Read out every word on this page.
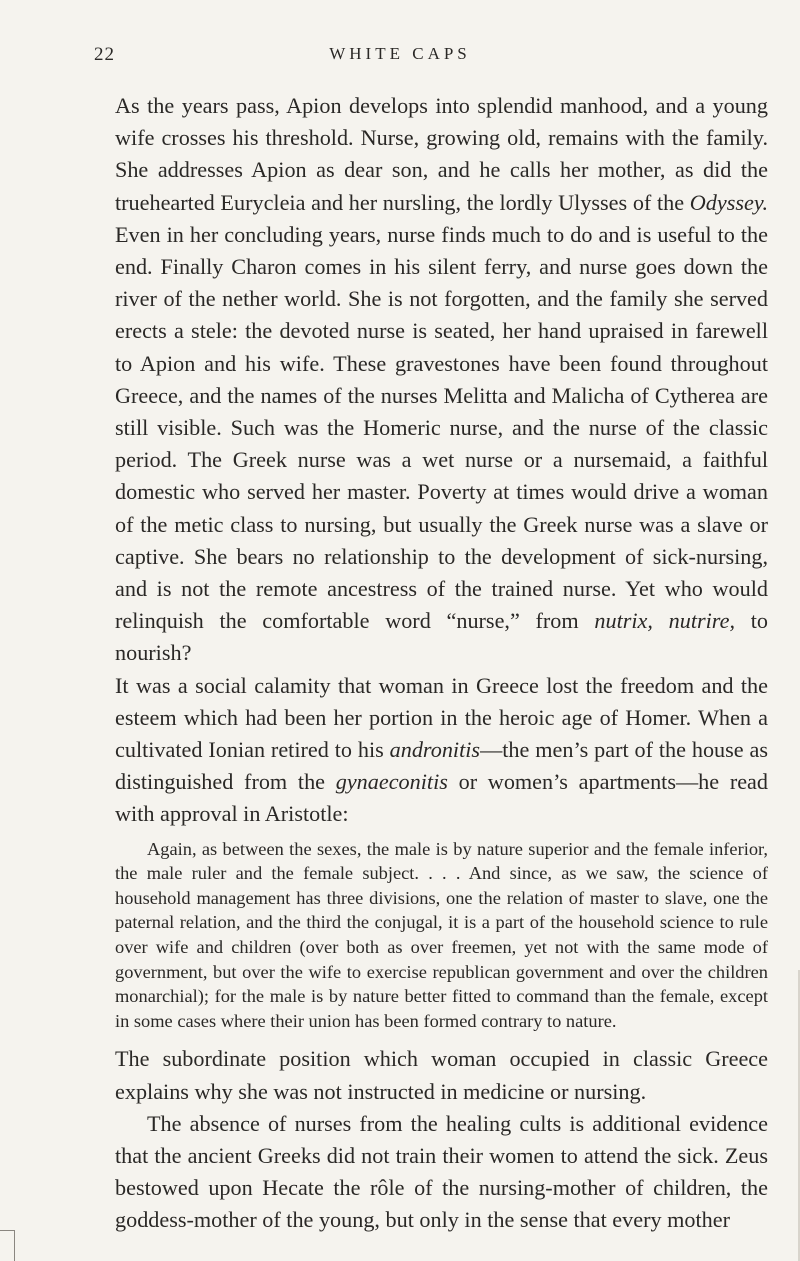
22	WHITE CAPS

As the years pass, Apion develops into splendid manhood, and a young wife crosses his threshold. Nurse, growing old, remains with the family. She addresses Apion as dear son, and he calls her mother, as did the truehearted Eurycleia and her nursling, the lordly Ulysses of the Odyssey. Even in her concluding years, nurse finds much to do and is useful to the end. Finally Charon comes in his silent ferry, and nurse goes down the river of the nether world. She is not forgotten, and the family she served erects a stele: the devoted nurse is seated, her hand upraised in farewell to Apion and his wife. These gravestones have been found throughout Greece, and the names of the nurses Melitta and Malicha of Cytherea are still visible. Such was the Homeric nurse, and the nurse of the classic period. The Greek nurse was a wet nurse or a nursemaid, a faithful domestic who served her master. Poverty at times would drive a woman of the metic class to nursing, but usually the Greek nurse was a slave or captive. She bears no relationship to the development of sick-nursing, and is not the remote ancestress of the trained nurse. Yet who would relinquish the comfortable word “nurse,” from nutrix, nutrire, to nourish?

It was a social calamity that woman in Greece lost the freedom and the esteem which had been her portion in the heroic age of Homer. When a cultivated Ionian retired to his andronitis—the men’s part of the house as distinguished from the gynaeconitis or women’s apartments—he read with approval in Aristotle:

Again, as between the sexes, the male is by nature superior and the female inferior, the male ruler and the female subject. . . . And since, as we saw, the science of household management has three divisions, one the relation of master to slave, one the paternal relation, and the third the conjugal, it is a part of the household science to rule over wife and children (over both as over freemen, yet not with the same mode of government, but over the wife to exercise republican government and over the children monarchial); for the male is by nature better fitted to command than the female, except in some cases where their union has been formed contrary to nature.

The subordinate position which woman occupied in classic Greece explains why she was not instructed in medicine or nursing.

The absence of nurses from the healing cults is additional evidence that the ancient Greeks did not train their women to attend the sick. Zeus bestowed upon Hecate the rôle of the nursing-mother of children, the goddess-mother of the young, but only in the sense that every mother
